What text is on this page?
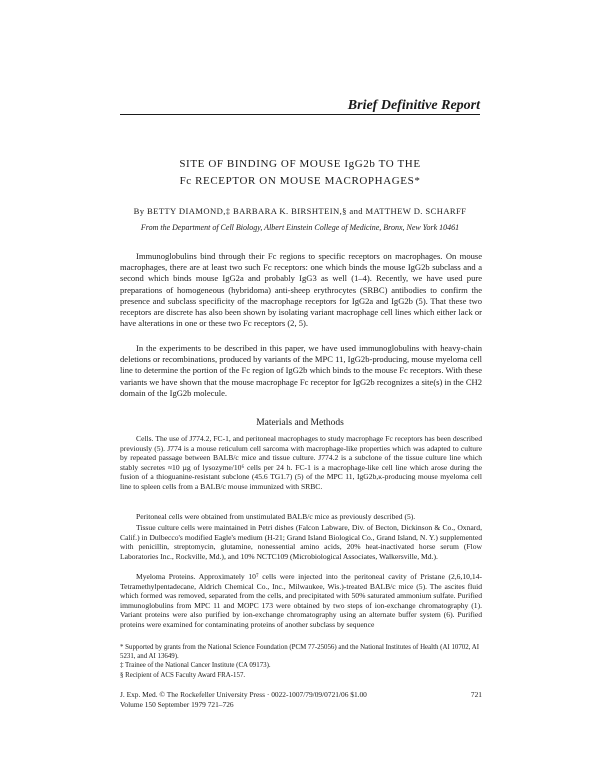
Brief Definitive Report
SITE OF BINDING OF MOUSE IgG2b TO THE
Fc RECEPTOR ON MOUSE MACROPHAGES*
By BETTY DIAMOND,‡ BARBARA K. BIRSHTEIN,§ and MATTHEW D. SCHARFF
From the Department of Cell Biology, Albert Einstein College of Medicine, Bronx, New York 10461
Immunoglobulins bind through their Fc regions to specific receptors on macrophages. On mouse macrophages, there are at least two such Fc receptors: one which binds the mouse IgG2b subclass and a second which binds mouse IgG2a and probably IgG3 as well (1–4). Recently, we have used pure preparations of homogeneous (hybridoma) anti-sheep erythrocytes (SRBC) antibodies to confirm the presence and subclass specificity of the macrophage receptors for IgG2a and IgG2b (5). That these two receptors are discrete has also been shown by isolating variant macrophage cell lines which either lack or have alterations in one or these two Fc receptors (2, 5).
In the experiments to be described in this paper, we have used immunoglobulins with heavy-chain deletions or recombinations, produced by variants of the MPC 11, IgG2b-producing, mouse myeloma cell line to determine the portion of the Fc region of IgG2b which binds to the mouse Fc receptors. With these variants we have shown that the mouse macrophage Fc receptor for IgG2b recognizes a site(s) in the CH2 domain of the IgG2b molecule.
Materials and Methods
Cells. The use of J774.2, FC-1, and peritoneal macrophages to study macrophage Fc receptors has been described previously (5). J774 is a mouse reticulum cell sarcoma with macrophage-like properties which was adapted to culture by repeated passage between BALB/c mice and tissue culture. J774.2 is a subclone of the tissue culture line which stably secretes ≈10 µg of lysozyme/10⁶ cells per 24 h. FC-1 is a macrophage-like cell line which arose during the fusion of a thioguanine-resistant subclone (45.6 TG1.7) (5) of the MPC 11, IgG2b,κ-producing mouse myeloma cell line to spleen cells from a BALB/c mouse immunized with SRBC.
Peritoneal cells were obtained from unstimulated BALB/c mice as previously described (5).
Tissue culture cells were maintained in Petri dishes (Falcon Labware, Div. of Becton, Dickinson & Co., Oxnard, Calif.) in Dulbecco's modified Eagle's medium (H-21; Grand Island Biological Co., Grand Island, N. Y.) supplemented with penicillin, streptomycin, glutamine, nonessential amino acids, 20% heat-inactivated horse serum (Flow Laboratories Inc., Rockville, Md.), and 10% NCTC109 (Microbiological Associates, Walkersville, Md.).
Myeloma Proteins. Approximately 10⁷ cells were injected into the peritoneal cavity of Pristane (2,6,10,14-Tetramethylpentadecane, Aldrich Chemical Co., Inc., Milwaukee, Wis.)-treated BALB/c mice (5). The ascites fluid which formed was removed, separated from the cells, and precipitated with 50% saturated ammonium sulfate. Purified immunoglobulins from MPC 11 and MOPC 173 were obtained by two steps of ion-exchange chromatography (1). Variant proteins were also purified by ion-exchange chromatography using an alternate buffer system (6). Purified proteins were examined for contaminating proteins of another subclass by sequence
* Supported by grants from the National Science Foundation (PCM 77-25056) and the National Institutes of Health (AI 10702, AI 5231, and AI 13649).
‡ Trainee of the National Cancer Institute (CA 09173).
§ Recipient of ACS Faculty Award FRA-157.
J. Exp. Med. © The Rockefeller University Press · 0022-1007/79/09/0721/06 $1.00	721
Volume 150 September 1979 721–726
